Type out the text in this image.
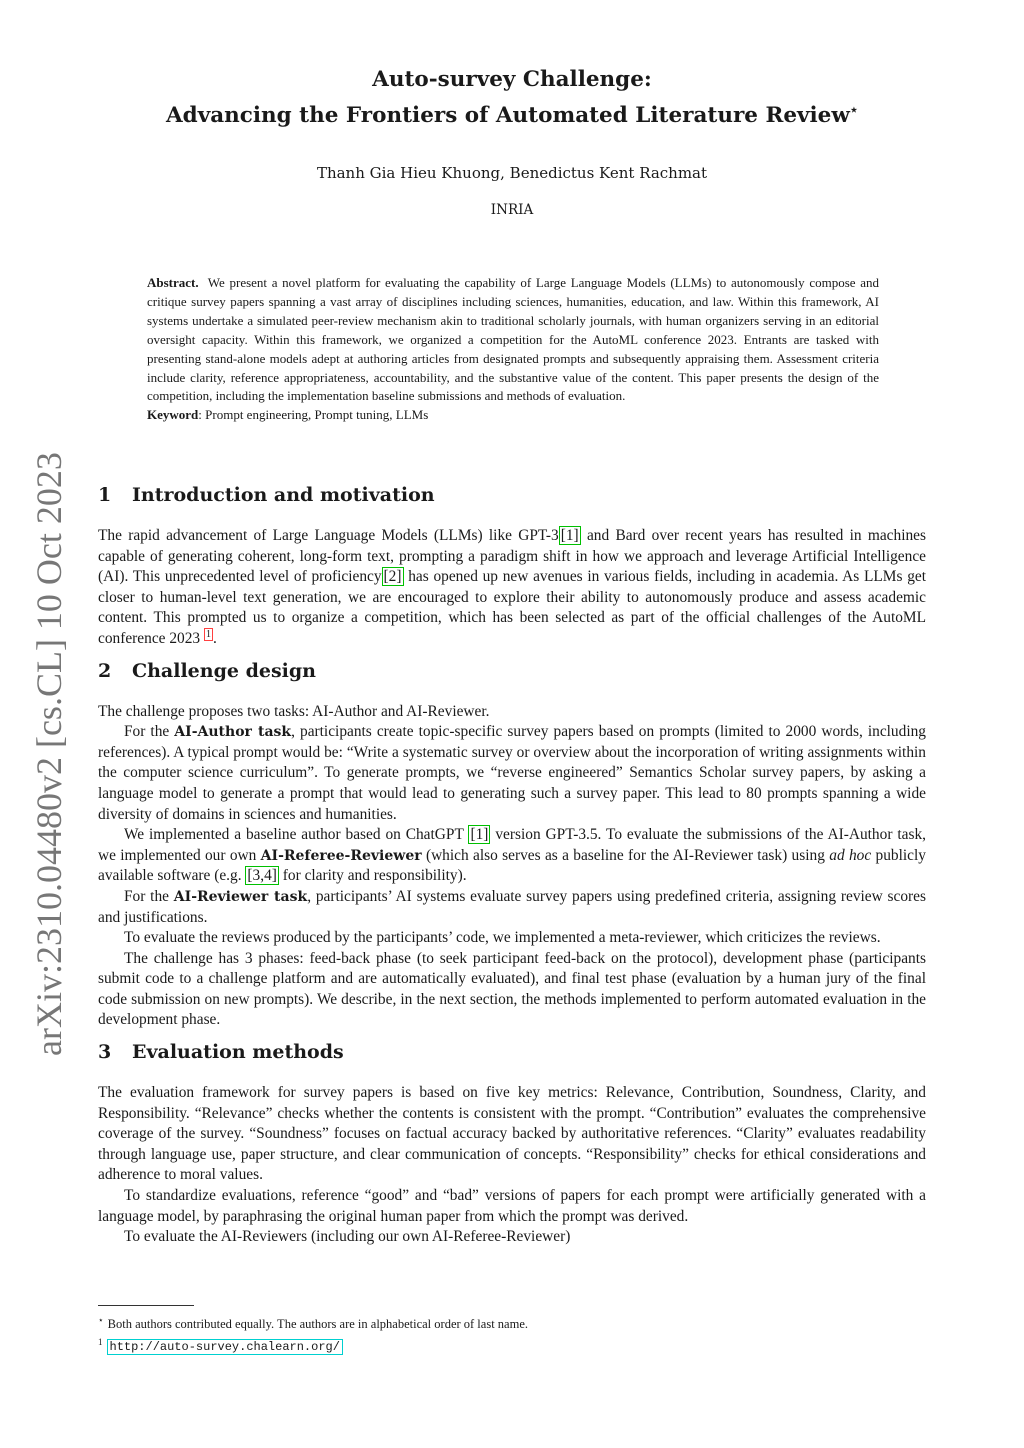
arXiv:2310.04480v2 [cs.CL] 10 Oct 2023
Auto-survey Challenge:
Advancing the Frontiers of Automated Literature Review⋆
Thanh Gia Hieu Khuong, Benedictus Kent Rachmat
INRIA

Abstract. We present a novel platform for evaluating the capability of Large Language Models (LLMs) to autonomously compose and critique survey papers spanning a vast array of disciplines including sciences, humanities, education, and law. Within this framework, AI systems undertake a simulated peer-review mechanism akin to traditional scholarly journals, with human organizers serving in an editorial oversight capacity. Within this framework, we organized a competition for the AutoML conference 2023. Entrants are tasked with presenting stand-alone models adept at authoring articles from designated prompts and subsequently appraising them. Assessment criteria include clarity, reference appropriateness, accountability, and the substantive value of the content. This paper presents the design of the competition, including the implementation baseline submissions and methods of evaluation.

Keyword: Prompt engineering, Prompt tuning, LLMs

1 Introduction and motivation

The rapid advancement of Large Language Models (LLMs) like GPT-3 [1] and Bard over recent years has resulted in machines capable of generating coherent, long-form text, prompting a paradigm shift in how we approach and leverage Artificial Intelligence (AI). This unprecedented level of proficiency [2] has opened up new avenues in various fields, including in academia. As LLMs get closer to human-level text generation, we are encouraged to explore their ability to autonomously produce and assess academic content. This prompted us to organize a competition, which has been selected as part of the official challenges of the AutoML conference 2023 $^1$ .

2 Challenge design

The challenge proposes two tasks: AI-Author and AI-Reviewer.

For the AI-Author task, participants create topic-specific survey papers based on prompts (limited to 2000 words, including references). A typical prompt would be: “Write a systematic survey or overview about the incorporation of writing assignments within the computer science curriculum”. To generate prompts, we “reverse engineered” Semantics Scholar survey papers, by asking a language model to generate a prompt that would lead to generating such a survey paper. This lead to 80 prompts spanning a wide diversity of domains in sciences and humanities.

We implemented a baseline author based on ChatGPT [1] version GPT-3.5. To evaluate the submissions of the AI-Author task, we implemented our own AI-Referee-Reviewer (which also serves as a baseline for the AI-Reviewer task) using ad hoc publicly available software (e.g. [3,4] for clarity and responsibility).

For the AI-Reviewer task, participants’ AI systems evaluate survey papers using predefined criteria, assigning review scores and justifications.

To evaluate the reviews produced by the participants’ code, we implemented a meta-reviewer, which criticizes the reviews.

The challenge has 3 phases: feed-back phase (to seek participant feed-back on the protocol), development phase (participants submit code to a challenge platform and are automatically evaluated), and final test phase (evaluation by a human jury of the final code submission on new prompts). We describe, in the next section, the methods implemented to perform automated evaluation in the development phase.

3 Evaluation methods

The evaluation framework for survey papers is based on five key metrics: Relevance, Contribution, Soundness, Clarity, and Responsibility. “Relevance” checks whether the contents is consistent with the prompt. “Contribution” evaluates the comprehensive coverage of the survey. “Soundness” focuses on factual accuracy backed by authoritative references. “Clarity” evaluates readability through language use, paper structure, and clear communication of concepts. “Responsibility” checks for ethical considerations and adherence to moral values.

To standardize evaluations, reference “good” and “bad” versions of papers for each prompt were artificially generated with a language model, by paraphrasing the original human paper from which the prompt was derived.

To evaluate the AI-Reviewers (including our own AI-Referee-Reviewer)

⋆ Both authors contributed equally. The authors are in alphabetical order of last name.
$^1$ http://auto-survey.chalearn.org/
